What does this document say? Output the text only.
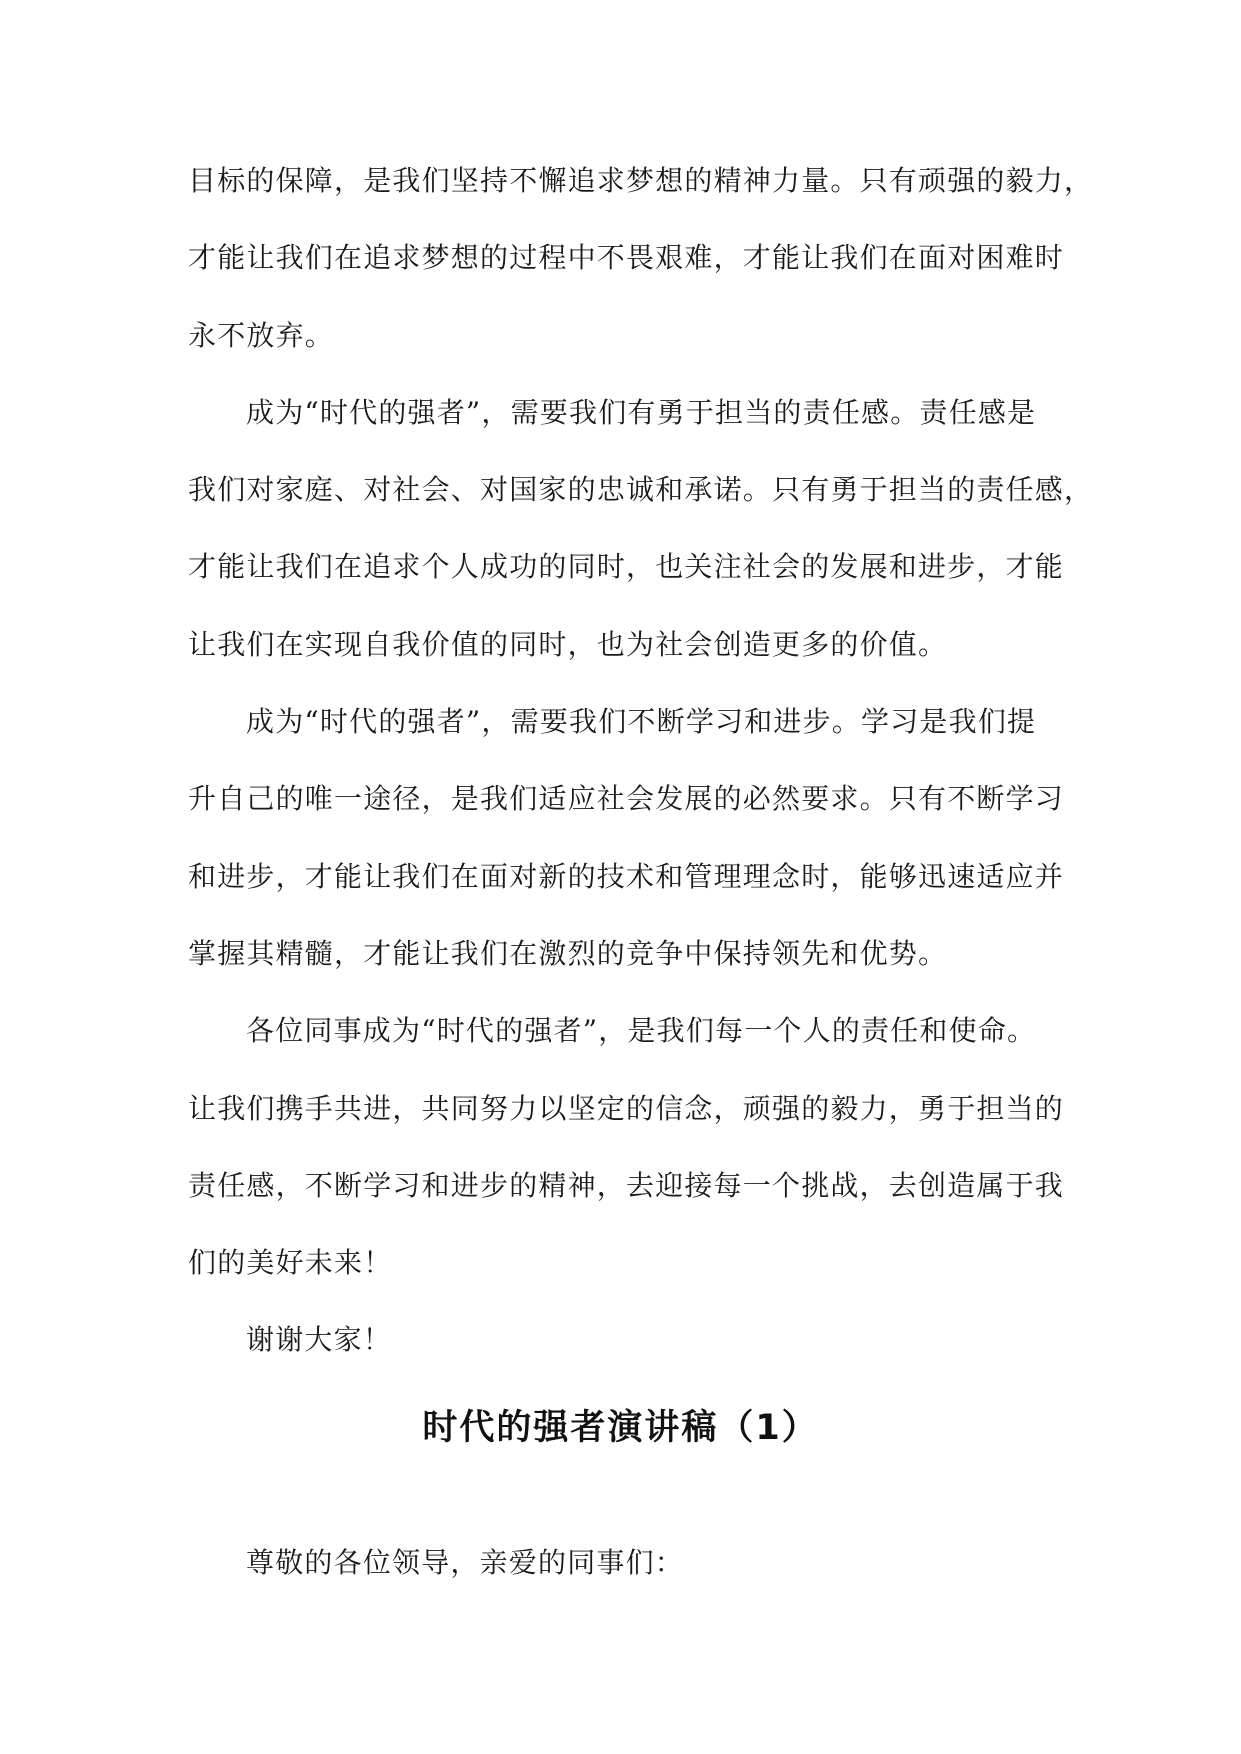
目标的保障，是我们坚持不懈追求梦想的精神力量。只有顽强的毅力，
才能让我们在追求梦想的过程中不畏艰难，才能让我们在面对困难时
永不放弃。
成为“时代的强者”，需要我们有勇于担当的责任感。责任感是
我们对家庭、对社会、对国家的忠诚和承诺。只有勇于担当的责任感，
才能让我们在追求个人成功的同时，也关注社会的发展和进步，才能
让我们在实现自我价值的同时，也为社会创造更多的价值。
成为“时代的强者”，需要我们不断学习和进步。学习是我们提
升自己的唯一途径，是我们适应社会发展的必然要求。只有不断学习
和进步，才能让我们在面对新的技术和管理理念时，能够迅速适应并
掌握其精髓，才能让我们在激烈的竞争中保持领先和优势。
各位同事成为“时代的强者”，是我们每一个人的责任和使命。
让我们携手共进，共同努力以坚定的信念，顽强的毅力，勇于担当的
责任感，不断学习和进步的精神，去迎接每一个挑战，去创造属于我
们的美好未来！
谢谢大家！
时代的强者演讲稿（1）
尊敬的各位领导，亲爱的同事们：
